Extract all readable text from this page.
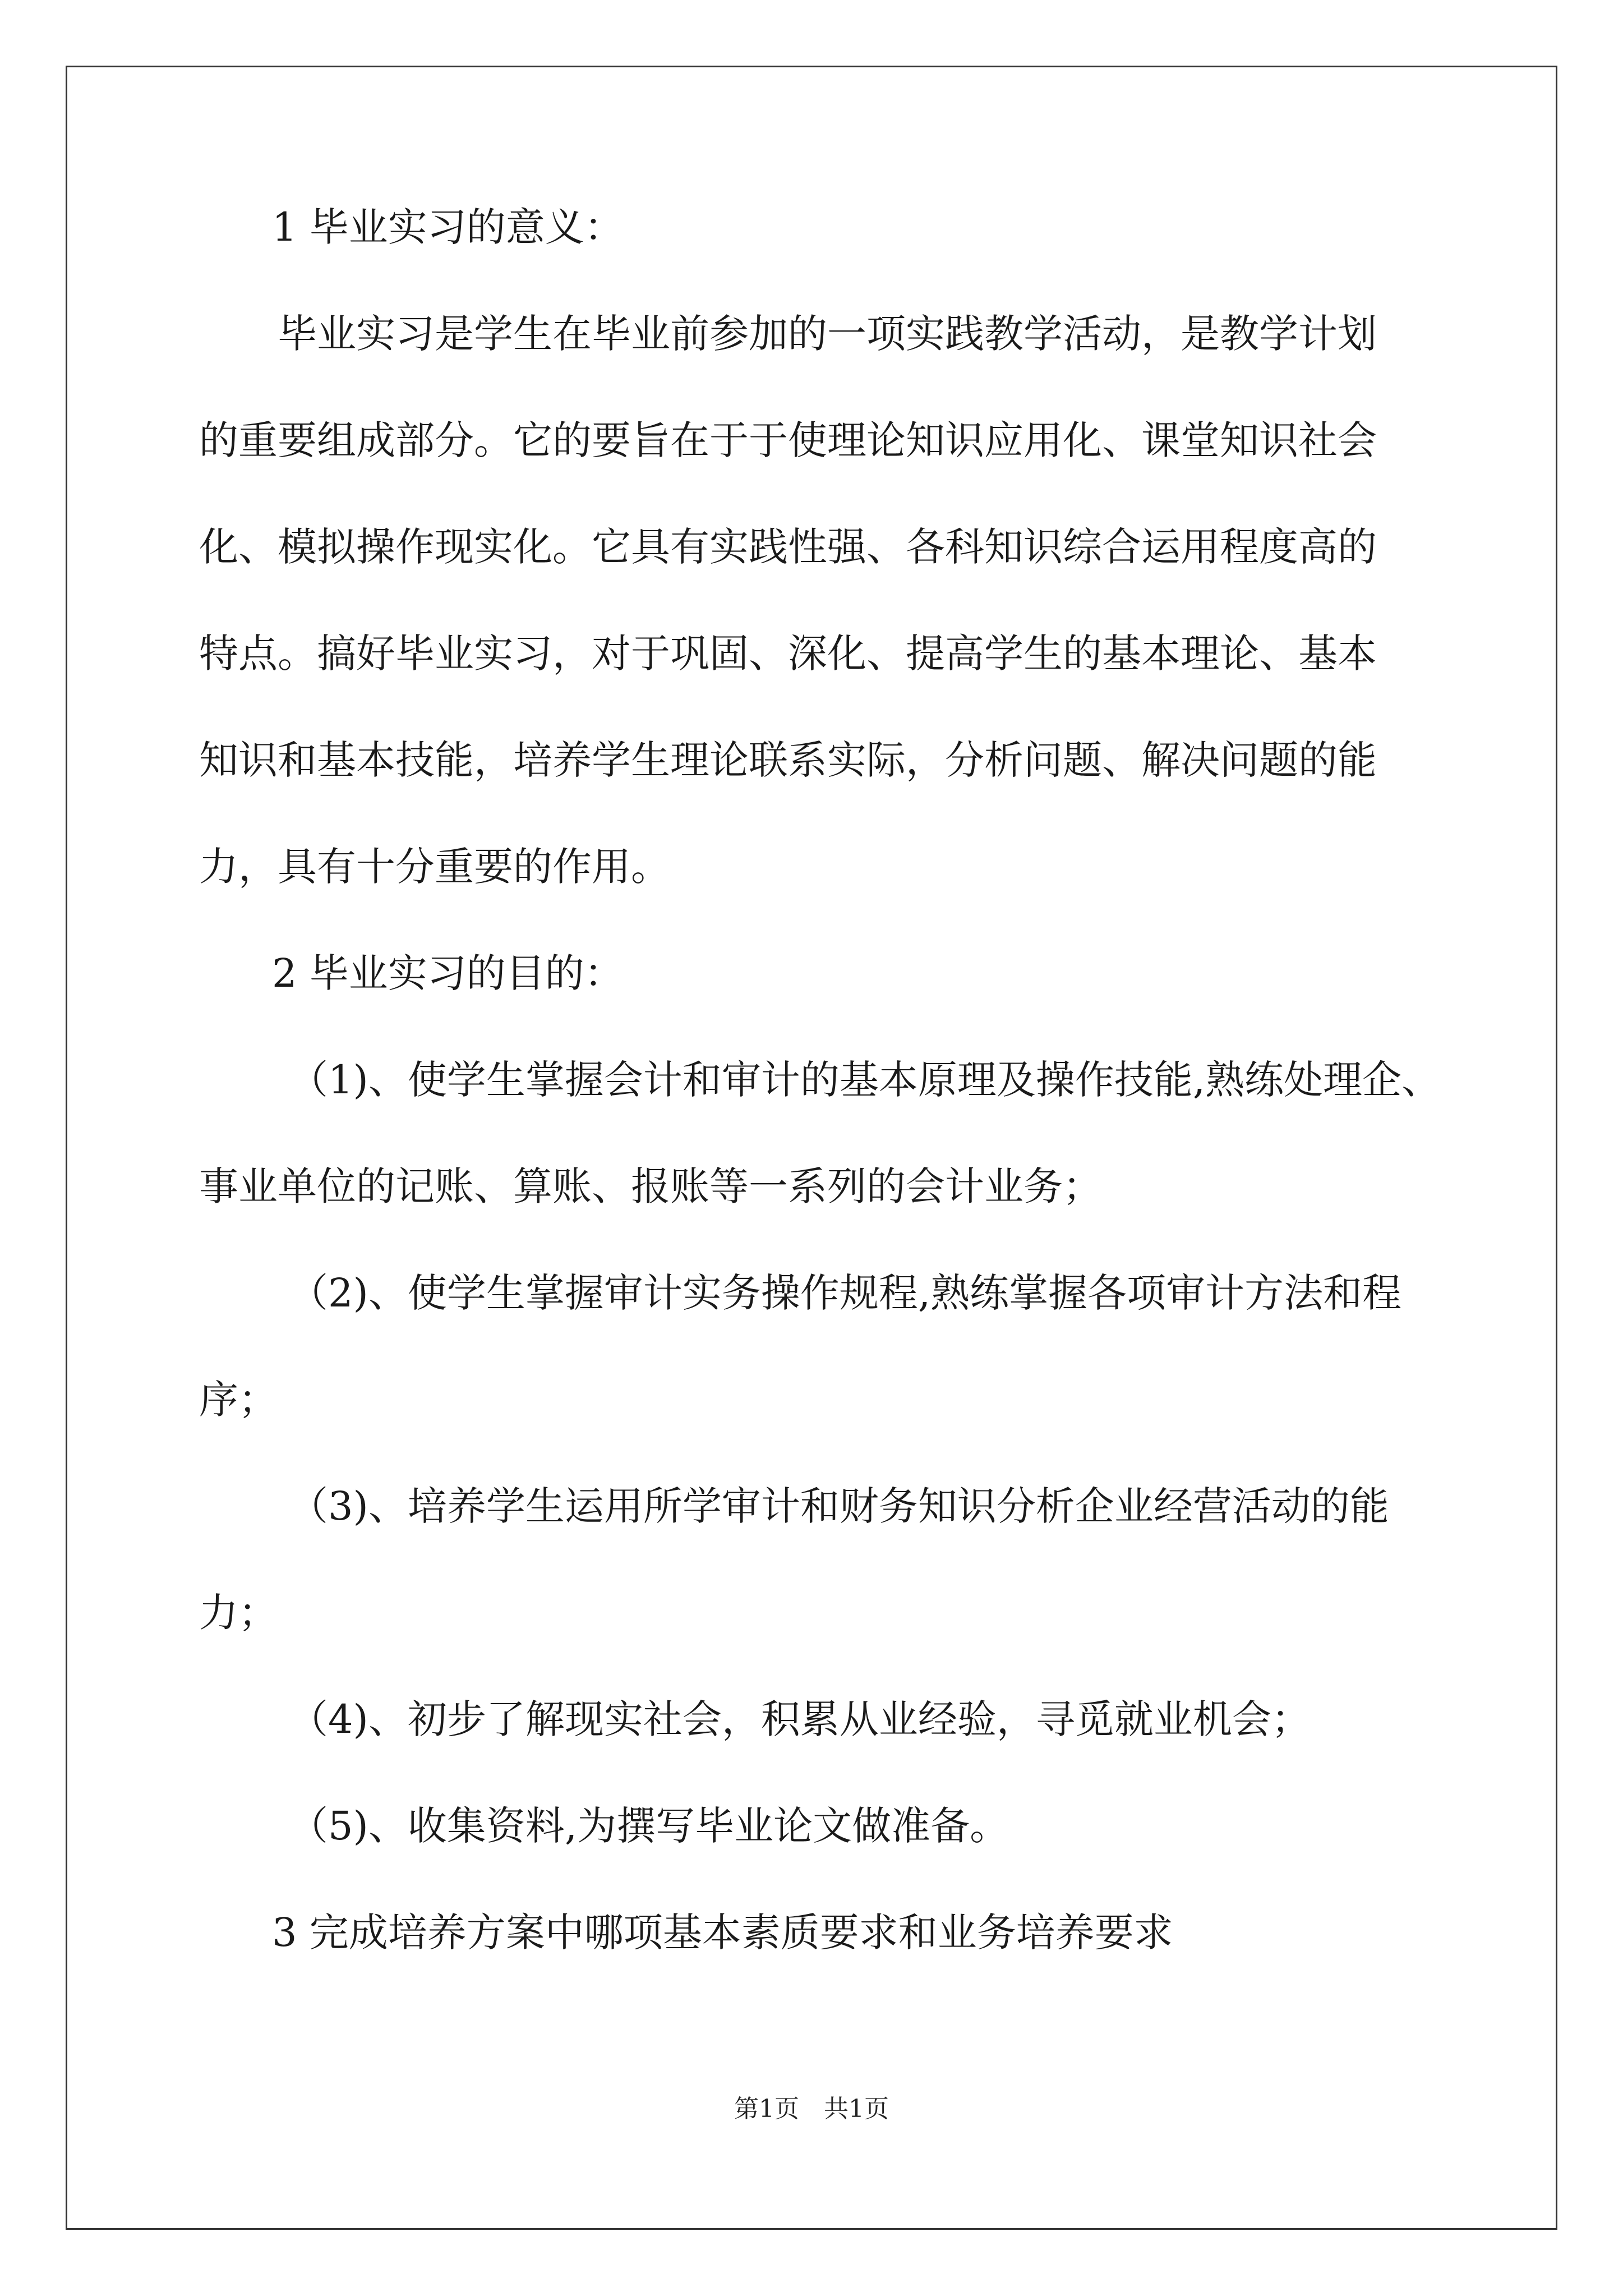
1 毕业实习的意义：
毕业实习是学生在毕业前参加的一项实践教学活动，是教学计划
的重要组成部分。它的要旨在于于使理论知识应用化、课堂知识社会
化、模拟操作现实化。它具有实践性强、各科知识综合运用程度高的
特点。搞好毕业实习，对于巩固、深化、提高学生的基本理论、基本
知识和基本技能，培养学生理论联系实际，分析问题、解决问题的能
力，具有十分重要的作用。
2 毕业实习的目的：
（1)、使学生掌握会计和审计的基本原理及操作技能,熟练处理企、
事业单位的记账、算账、报账等一系列的会计业务；
（2)、使学生掌握审计实务操作规程,熟练掌握各项审计方法和程
序；
（3)、培养学生运用所学审计和财务知识分析企业经营活动的能
力；
（4)、初步了解现实社会，积累从业经验，寻觅就业机会；
（5)、收集资料,为撰写毕业论文做准备。
3 完成培养方案中哪项基本素质要求和业务培养要求
第1页　共1页
